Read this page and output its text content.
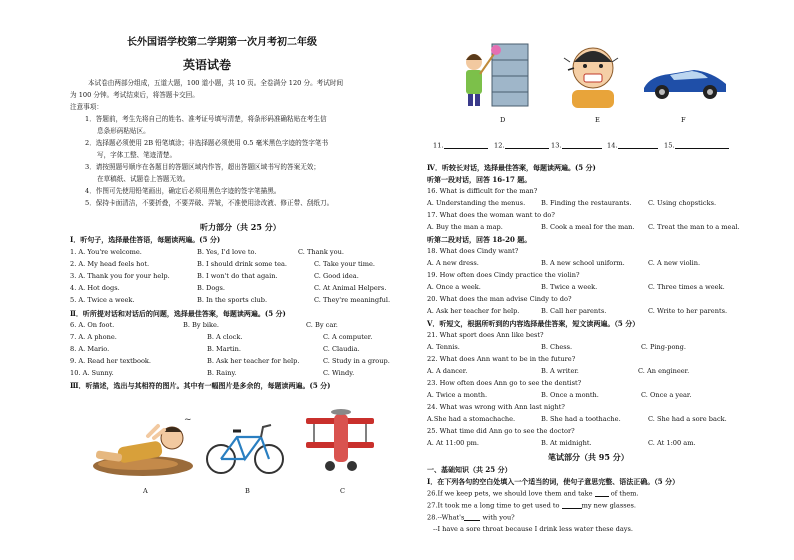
长外国语学校第二学期第一次月考初二年级
英语试卷
本试卷由两部分组成，五道大题，100 道小题，共 10 页。全卷满分 120 分。考试时间
为 100 分钟。考试结束后，将答题卡交回。
注意事项：
1．答题前，考生先将自己的姓名、准考证号填写清楚，将条形码准确粘贴在考生信
息条形码粘贴区。
2．选择题必须使用 2B 铅笔填涂；非选择题必须使用 0.5 毫米黑色字迹的签字笔书
写，字体工整、笔迹清楚。
3．请按照题号顺序在各题目的答题区域内作答，超出答题区域书写的答案无效；
在草稿纸、试题卷上答题无效。
4．作图可先使用铅笔画出，确定后必须用黑色字迹的签字笔描黑。
5．保持卡面清洁，不要折叠，不要弄破、弄皱，不准使用涂改液、修正带、刮纸刀。
听力部分（共 25 分）
Ⅰ．听句子，选择最佳答语，每题读两遍。(5 分)
1. A. You're welcome.	B. Yes, I'd love to.	C. Thank you.
2. A. My head feels hot.	B. I should drink some tea.	C. Take your time.
3. A. Thank you for your help.	B. I won't do that again.	C. Good idea.
4. A. Hot dogs.	B. Dogs.	C. At Animal Helpers.
5. A. Twice a week.	B. In the sports club.	C. They're meaningful.
Ⅱ．听所提对话和对话后的问题，选择最佳答案，每题读两遍。(5 分)
6. A. On foot.	B. By bike.	C. By car.
7. A. A phone.	B. A clock.	C. A computer.
8. A. Mario.	B. Martin.	C. Claudia.
9. A. Read her textbook.	B. Ask her teacher for help.	C. Study in a group.
10. A. Sunny.	B. Rainy.	C. Windy.
Ⅲ．听描述，选出与其相符的图片。其中有一幅图片是多余的，每题读两遍。(5 分)
~
A	B	C
D	E	F
11.	12.	13.	14.	15.
Ⅳ．听较长对话，选择最佳答案，每题读两遍。(5 分)
听第一段对话，回答 16-17 题。
16. What is difficult for the man?
A. Understanding the menus. B. Finding the restaurants.	C. Using chopsticks.
17. What does the woman want to do?
A. Buy the man a map.	B. Cook a meal for the man. C. Treat the man to a meal.
听第二段对话，回答 18-20 题。
18. What does Cindy want?
A. A new dress.	B. A new school uniform.	C. A new violin.
19. How often does Cindy practice the violin?
A. Once a week.	B. Twice a week.	C. Three times a week.
20. What does the man advise Cindy to do?
A. Ask her teacher for help.	B. Call her parents.	C. Write to her parents.
Ⅴ．听短文，根据所听到的内容选择最佳答案，短文读两遍。（5 分）
21. What sport does Ann like best?
A. Tennis.	B. Chess.	C. Ping-pong.
22. What does Ann want to be in the future?
A. A dancer.	B. A writer.	C. An engineer.
23. How often does Ann go to see the dentist?
A. Twice a month.	B. Once a month.	C. Once a year.
24. What was wrong with Ann last night?
A.She had a stomachache.	B. She had a toothache.	C. She had a sore back.
25. What time did Ann go to see the doctor?
A. At 11:00 pm.	B. At midnight.	C. At 1:00 am.
笔试部分（共 95 分）
一、基础知识（共 25 分）
I．在下列各句的空白处填入一个适当的词，使句子意思完整、语法正确。（5 分）
26.If we keep pets, we should love them and take	of them.
27.It took me a long time to get used to	my new glasses.
28.--What's	with you?
--I have a sore throat because I drink less water these days.
